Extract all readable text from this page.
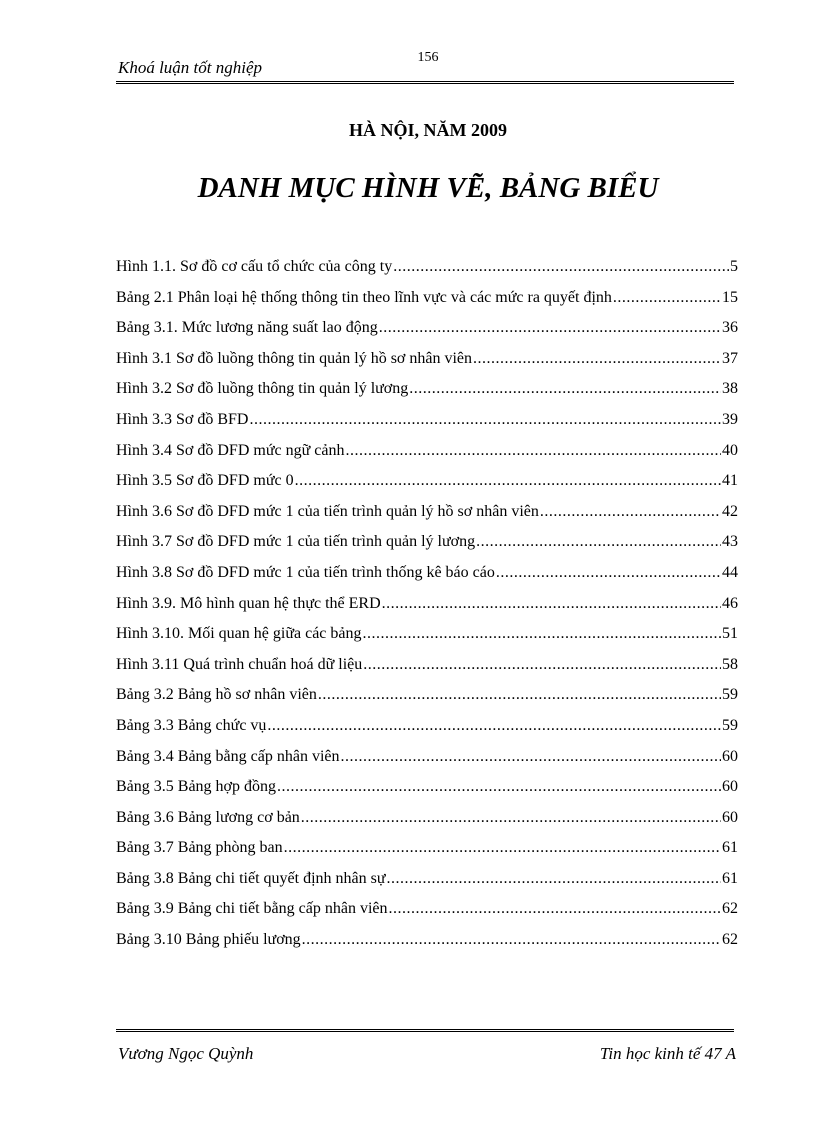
156
Khoá luận tốt nghiệp
HÀ NỘI, NĂM 2009
DANH MỤC HÌNH VẼ, BẢNG BIỂU
Hình 1.1. Sơ đồ cơ cấu tổ chức của công ty .....	5
Bảng 2.1 Phân loại hệ thống thông tin theo lĩnh vực và các mức ra quyết định .....	15
Bảng 3.1. Mức lương năng suất lao động .....	36
Hình 3.1 Sơ đồ luồng thông tin quản lý hồ sơ nhân viên .....	37
Hình 3.2 Sơ đồ luồng thông tin quản lý lương .....	38
Hình 3.3 Sơ đồ BFD .....	39
Hình 3.4 Sơ đồ DFD mức ngữ cảnh .....	40
Hình 3.5 Sơ đồ DFD mức 0 .....	41
Hình 3.6 Sơ đồ DFD mức 1 của tiến trình quản lý hồ sơ nhân viên .....	42
Hình 3.7 Sơ đồ DFD mức 1 của tiến trình quản lý lương .....	43
Hình 3.8 Sơ đồ DFD mức 1 của tiến trình thống kê báo cáo .....	44
Hình 3.9. Mô hình quan hệ thực thể ERD .....	46
Hình 3.10. Mối quan hệ giữa các bảng .....	51
Hình 3.11 Quá trình chuẩn hoá dữ liệu .....	58
Bảng 3.2 Bảng hồ sơ nhân viên .....	59
Bảng 3.3 Bảng chức vụ .....	59
Bảng 3.4 Bảng bằng cấp nhân viên .....	60
Bảng 3.5 Bảng hợp đồng .....	60
Bảng 3.6 Bảng lương cơ bản .....	60
Bảng 3.7 Bảng phòng ban .....	61
Bảng 3.8 Bảng chi tiết quyết định nhân sự .....	61
Bảng 3.9 Bảng chi tiết bằng cấp nhân viên .....	62
Bảng 3.10 Bảng phiếu lương .....	62
Vương Ngọc Quỳnh	Tin học kinh tế 47 A
